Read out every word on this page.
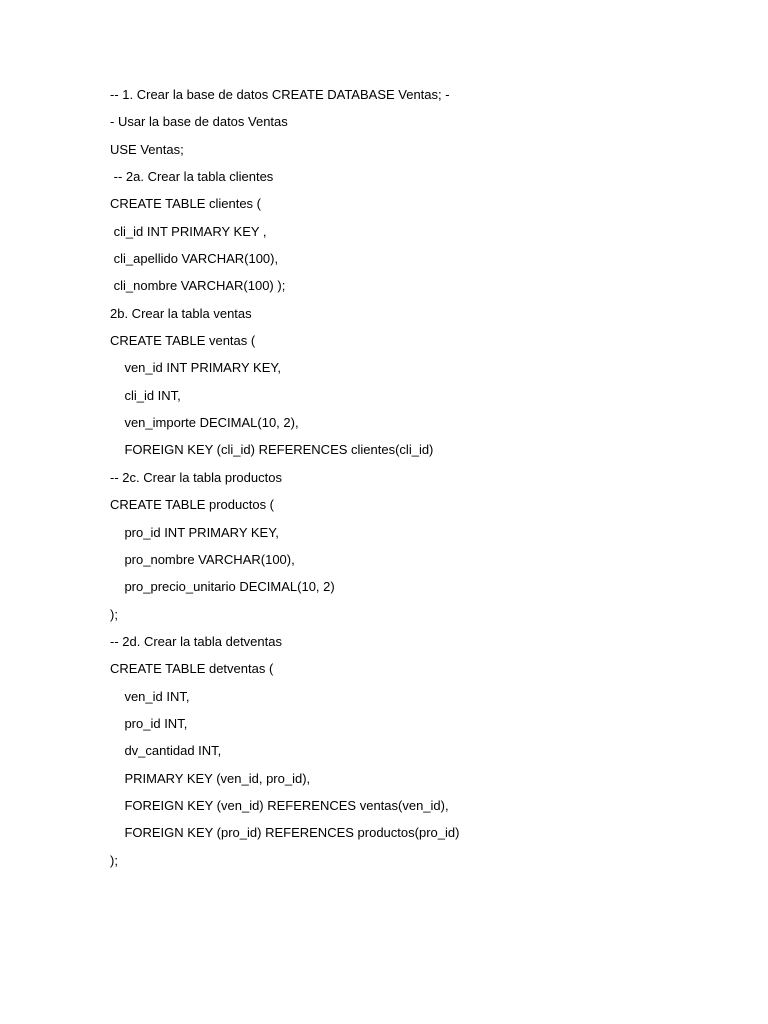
-- 1. Crear la base de datos CREATE DATABASE Ventas; -
- Usar la base de datos Ventas
USE Ventas;
-- 2a. Crear la tabla clientes
CREATE TABLE clientes (
cli_id INT PRIMARY KEY ,
cli_apellido VARCHAR(100),
cli_nombre VARCHAR(100) );
2b. Crear la tabla ventas
CREATE TABLE ventas (
ven_id INT PRIMARY KEY,
cli_id INT,
ven_importe DECIMAL(10, 2),
FOREIGN KEY (cli_id) REFERENCES clientes(cli_id)
-- 2c. Crear la tabla productos
CREATE TABLE productos (
pro_id INT PRIMARY KEY,
pro_nombre VARCHAR(100),
pro_precio_unitario DECIMAL(10, 2)
);
-- 2d. Crear la tabla detventas
CREATE TABLE detventas (
ven_id INT,
pro_id INT,
dv_cantidad INT,
PRIMARY KEY (ven_id, pro_id),
FOREIGN KEY (ven_id) REFERENCES ventas(ven_id),
FOREIGN KEY (pro_id) REFERENCES productos(pro_id)
);
